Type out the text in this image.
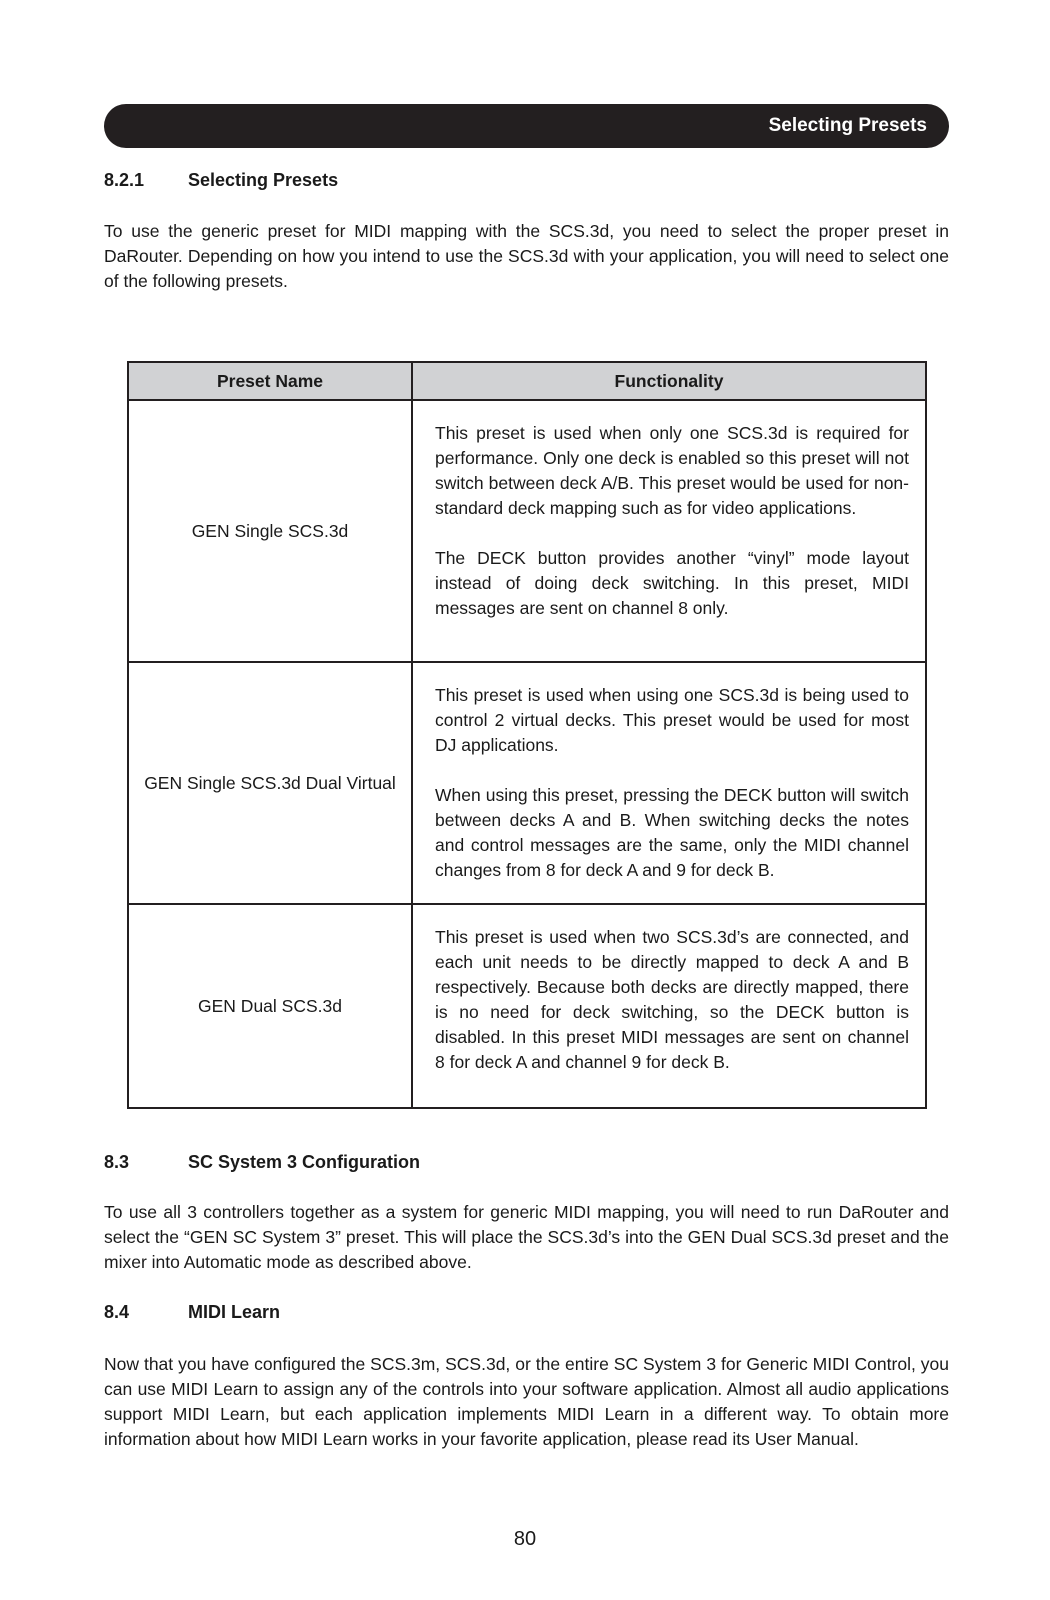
Selecting Presets
8.2.1 Selecting Presets

To use the generic preset for MIDI mapping with the SCS.3d, you need to select the proper preset in DaRouter. Depending on how you intend to use the SCS.3d with your application, you will need to select one of the following presets.

Preset Name	Functionality
GEN Single SCS.3d	This preset is used when only one SCS.3d is required for performance. Only one deck is enabled so this preset will not switch between deck A/B. This preset would be used for non-standard deck mapping such as for video applications.

The DECK button provides another “vinyl” mode layout instead of doing deck switching. In this preset, MIDI messages are sent on channel 8 only.

GEN Single SCS.3d Dual Virtual	This preset is used when using one SCS.3d is being used to control 2 virtual decks. This preset would be used for most DJ applications.

When using this preset, pressing the DECK button will switch between decks A and B. When switching decks the notes and control messages are the same, only the MIDI channel changes from 8 for deck A and 9 for deck B.

GEN Dual SCS.3d	This preset is used when two SCS.3d’s are connected, and each unit needs to be directly mapped to deck A and B respectively. Because both decks are directly mapped, there is no need for deck switching, so the DECK button is disabled. In this preset MIDI messages are sent on channel 8 for deck A and channel 9 for deck B.

8.3	SC System 3 Configuration

To use all 3 controllers together as a system for generic MIDI mapping, you will need to run DaRouter and select the “GEN SC System 3” preset. This will place the SCS.3d’s into the GEN Dual SCS.3d preset and the mixer into Automatic mode as described above.

8.4	MIDI Learn

Now that you have configured the SCS.3m, SCS.3d, or the entire SC System 3 for Generic MIDI Control, you can use MIDI Learn to assign any of the controls into your software application. Almost all audio applications support MIDI Learn, but each application implements MIDI Learn in a different way. To obtain more information about how MIDI Learn works in your favorite application, please read its User Manual.

80
